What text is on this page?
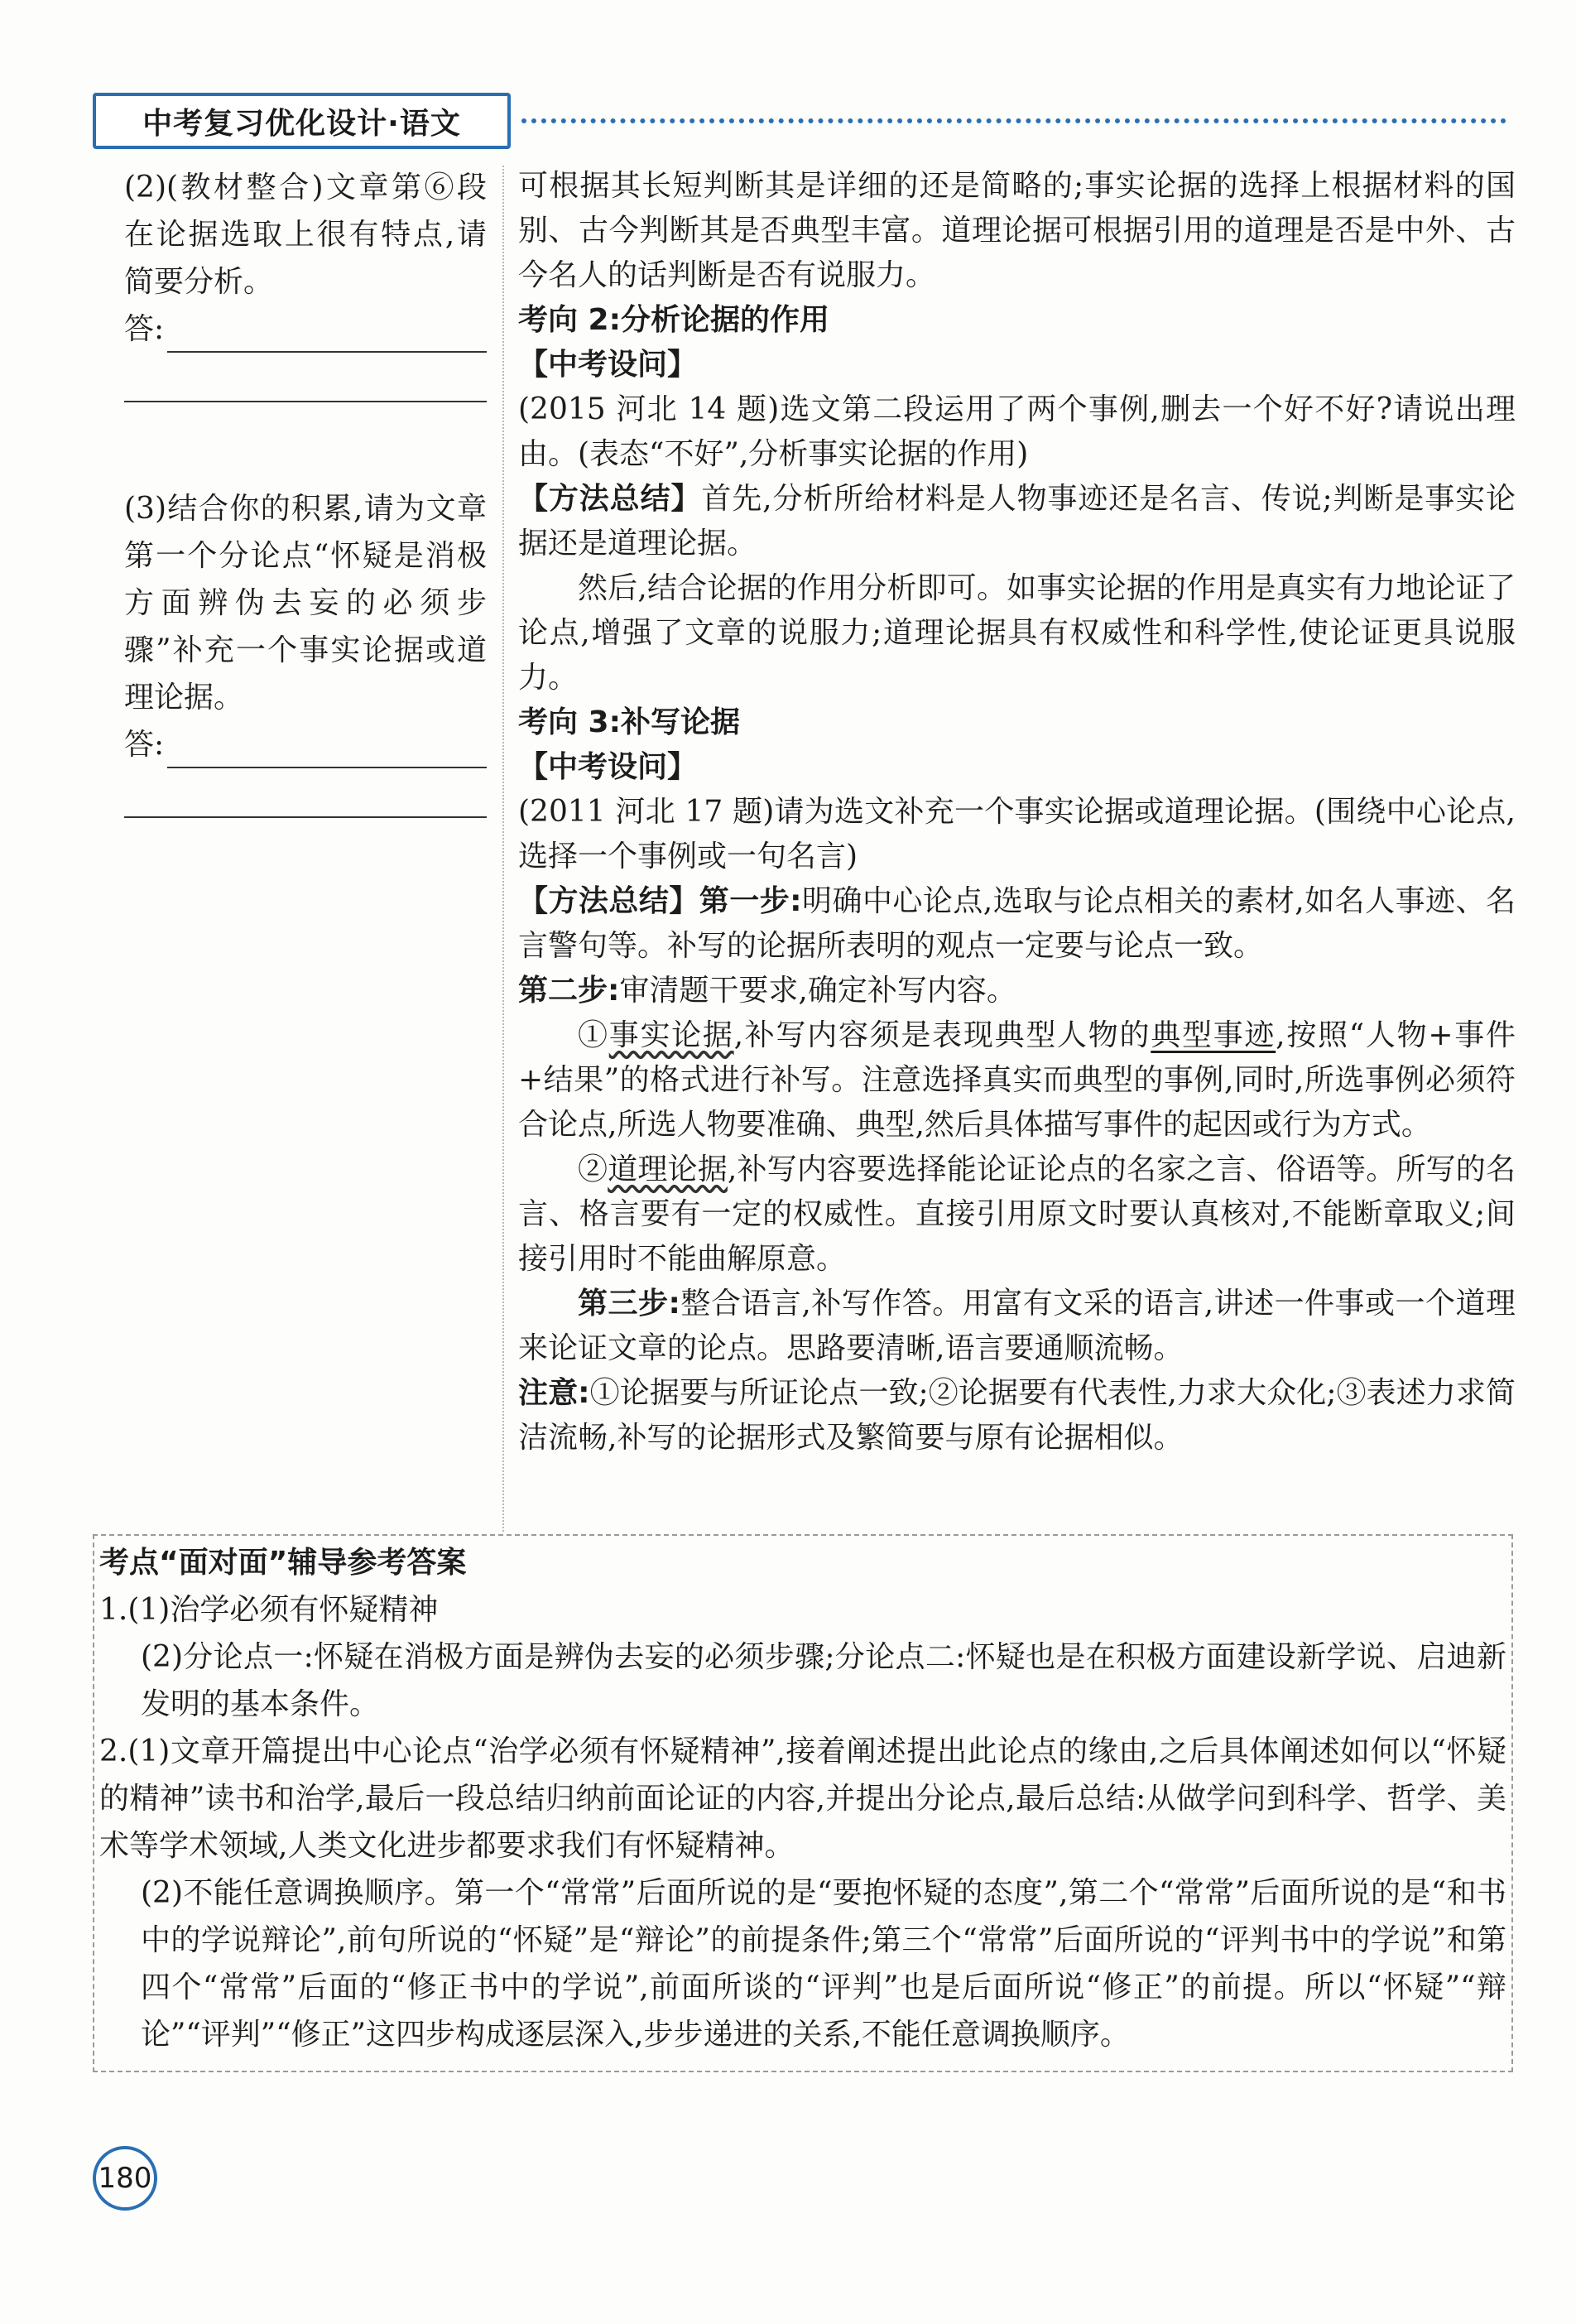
中考复习优化设计·语文

(2)(教材整合)文章第⑥段在论据选取上很有特点,请简要分析。

答:

(3)结合你的积累,请为文章第一个分论点“怀疑是消极方面辨伪去妄的必须步骤”补充一个事实论据或道理论据。

答:

可根据其长短判断其是详细的还是简略的;事实论据的选择上根据材料的国别、古今判断其是否典型丰富。道理论据可根据引用的道理是否是中外、古今名人的话判断是否有说服力。

考向 2:分析论据的作用

【中考设问】

(2015 河北 14 题)选文第二段运用了两个事例,删去一个好不好?请说出理由。(表态“不好”,分析事实论据的作用)

【方法总结】首先,分析所给材料是人物事迹还是名言、传说;判断是事实论据还是道理论据。

然后,结合论据的作用分析即可。如事实论据的作用是真实有力地论证了论点,增强了文章的说服力;道理论据具有权威性和科学性,使论证更具说服力。

考向 3:补写论据

【中考设问】

(2011 河北 17 题)请为选文补充一个事实论据或道理论据。(围绕中心论点,选择一个事例或一句名言)

【方法总结】第一步:明确中心论点,选取与论点相关的素材,如名人事迹、名言警句等。补写的论据所表明的观点一定要与论点一致。

第二步:审清题干要求,确定补写内容。

①事实论据,补写内容须是表现典型人物的典型事迹,按照“人物+事件+结果”的格式进行补写。注意选择真实而典型的事例,同时,所选事例必须符合论点,所选人物要准确、典型,然后具体描写事件的起因或行为方式。

②道理论据,补写内容要选择能论证论点的名家之言、俗语等。所写的名言、格言要有一定的权威性。直接引用原文时要认真核对,不能断章取义;间接引用时不能曲解原意。

第三步:整合语言,补写作答。用富有文采的语言,讲述一件事或一个道理来论证文章的论点。思路要清晰,语言要通顺流畅。

注意:①论据要与所证论点一致;②论据要有代表性,力求大众化;③表述力求简洁流畅,补写的论据形式及繁简要与原有论据相似。

考点“面对面”辅导参考答案

1.(1)治学必须有怀疑精神

(2)分论点一:怀疑在消极方面是辨伪去妄的必须步骤;分论点二:怀疑也是在积极方面建设新学说、启迪新发明的基本条件。

2.(1)文章开篇提出中心论点“治学必须有怀疑精神”,接着阐述提出此论点的缘由,之后具体阐述如何以“怀疑的精神”读书和治学,最后一段总结归纳前面论证的内容,并提出分论点,最后总结:从做学问到科学、哲学、美术等学术领域,人类文化进步都要求我们有怀疑精神。

(2)不能任意调换顺序。第一个“常常”后面所说的是“要抱怀疑的态度”,第二个“常常”后面所说的是“和书中的学说辩论”,前句所说的“怀疑”是“辩论”的前提条件;第三个“常常”后面所说的“评判书中的学说”和第四个“常常”后面的“修正书中的学说”,前面所谈的“评判”也是后面所说“修正”的前提。所以“怀疑”“辩论”“评判”“修正”这四步构成逐层深入,步步递进的关系,不能任意调换顺序。

180
